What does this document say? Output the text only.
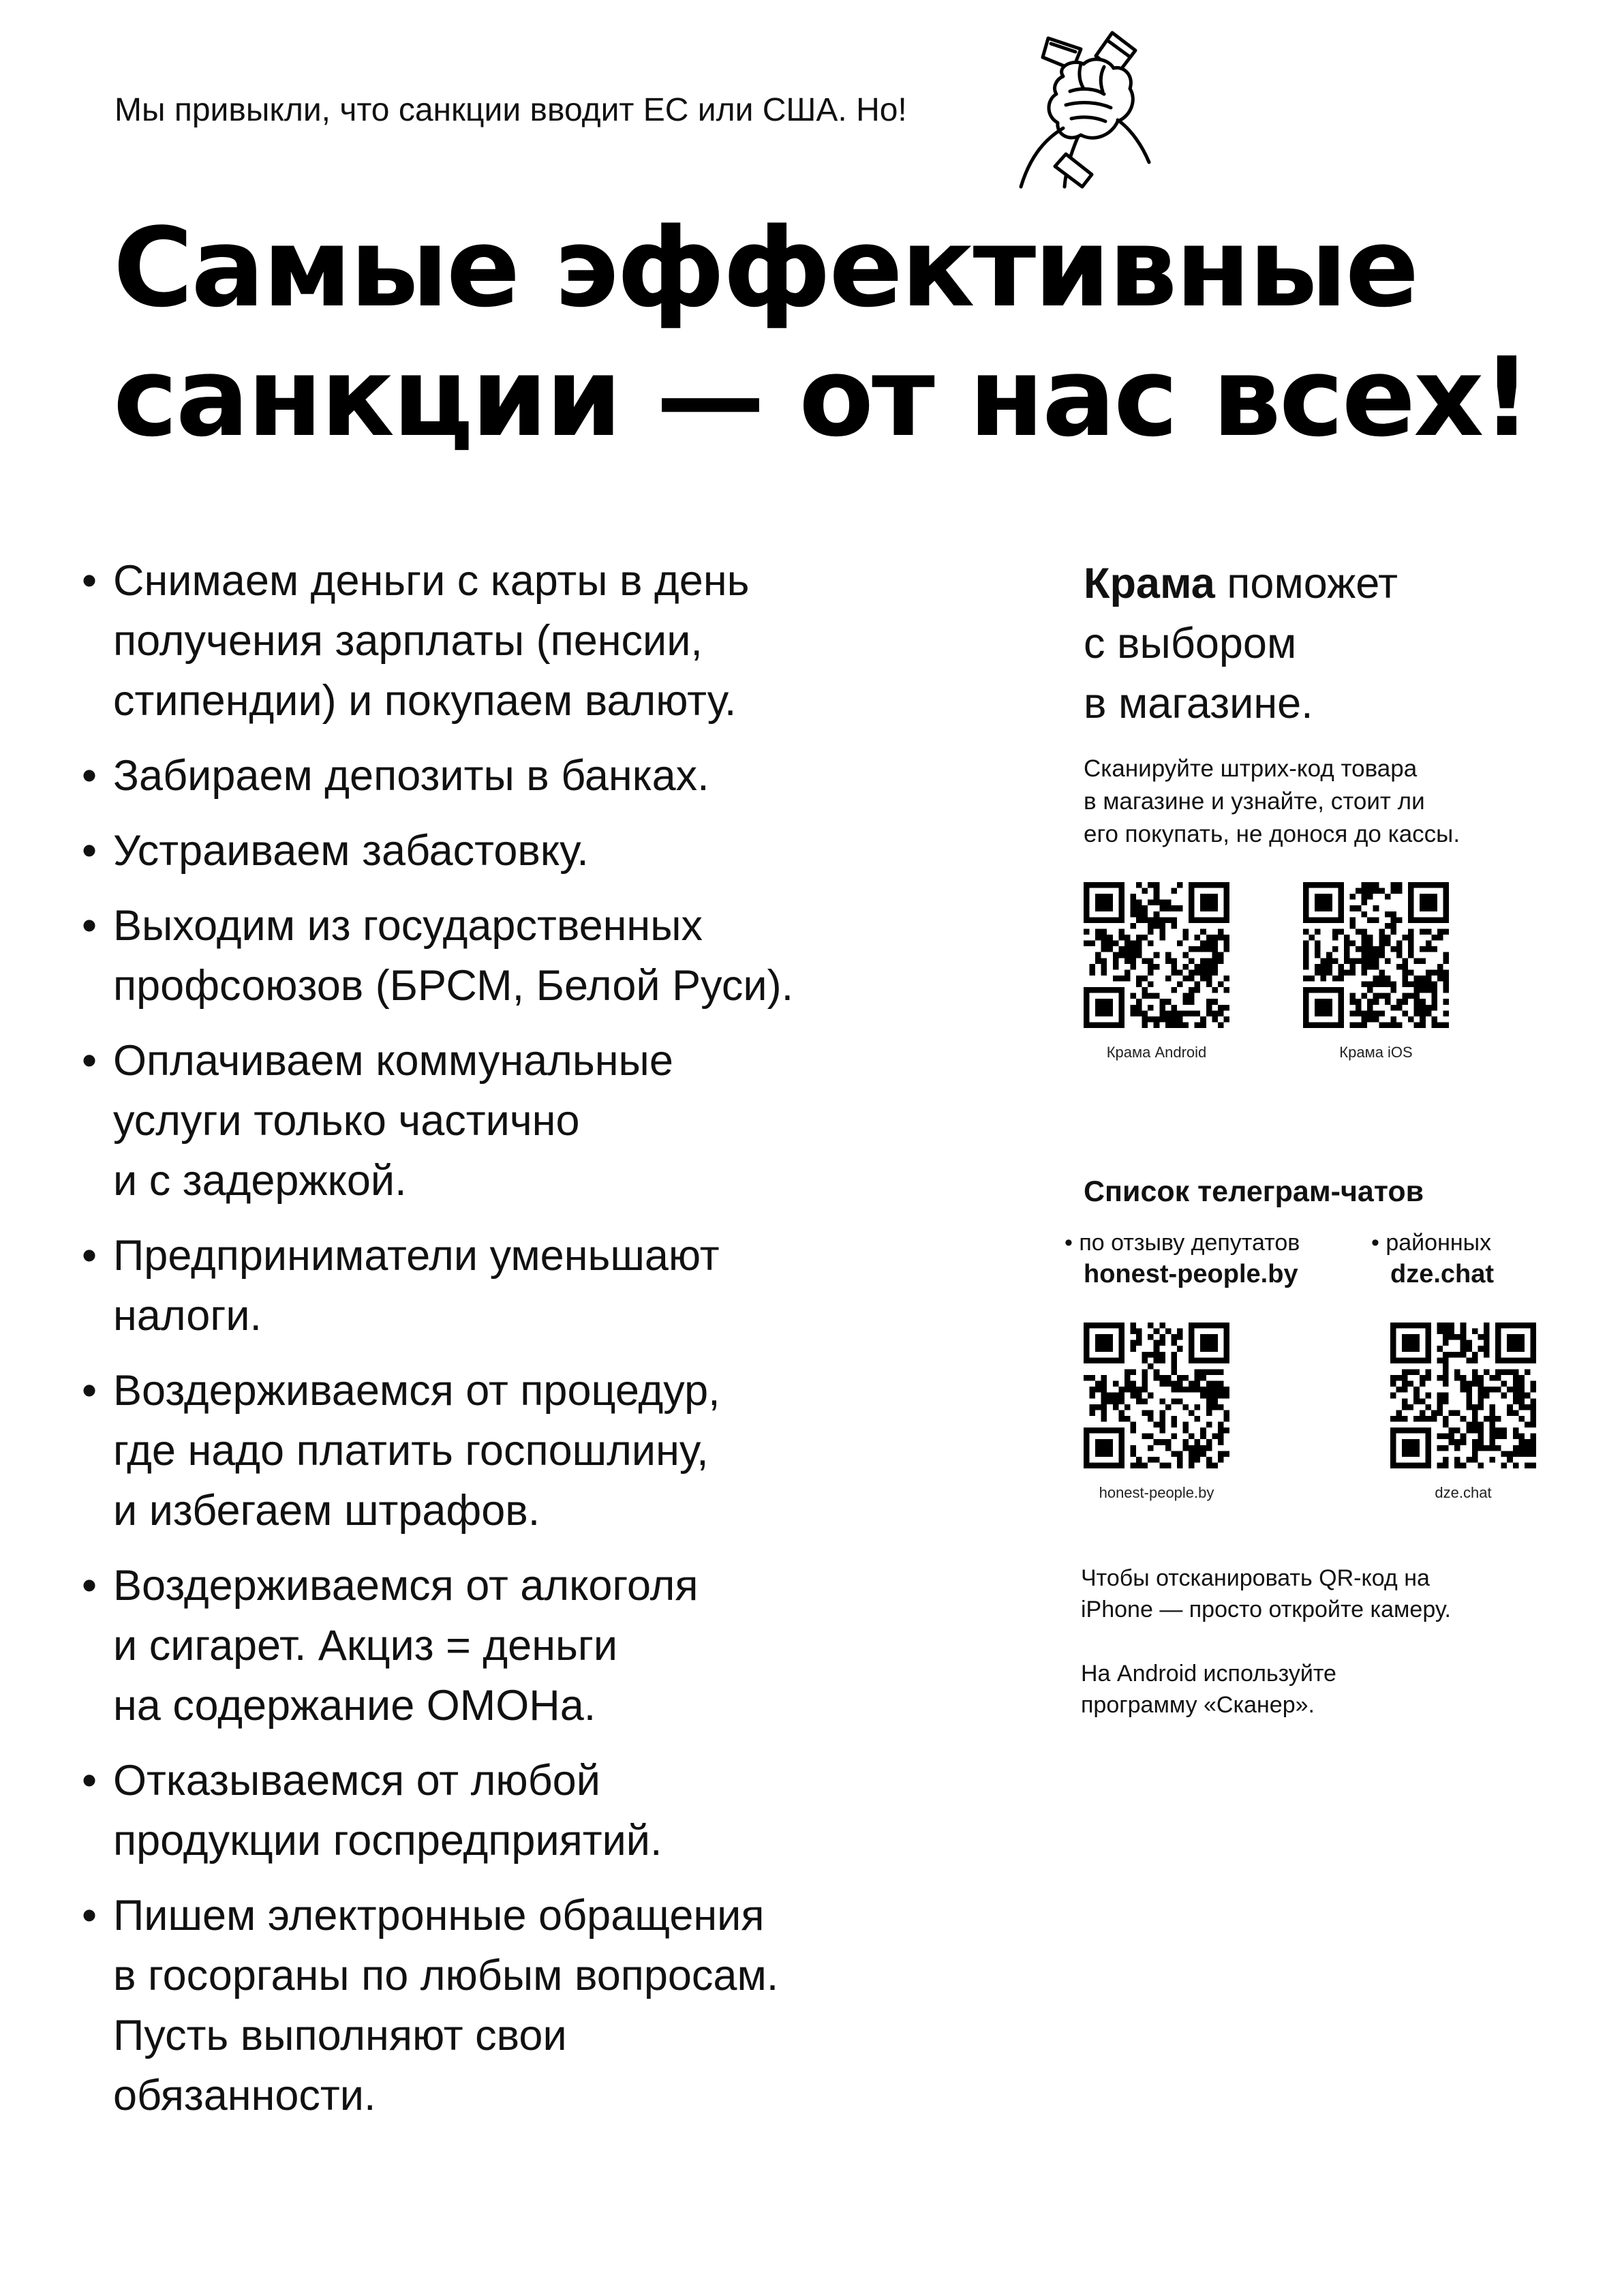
Мы привыкли, что санкции вводит ЕС или США. Но!
Самые эффективные
санкции — от нас всех!
• Снимаем деньги с карты в день
получения зарплаты (пенсии,
стипендии) и покупаем валюту.
• Забираем депозиты в банках.
• Устраиваем забастовку.
• Выходим из государственных
профсоюзов (БРСМ, Белой Руси).
• Оплачиваем коммунальные
услуги только частично
и с задержкой.
• Предприниматели уменьшают
налоги.
• Воздерживаемся от процедур,
где надо платить госпошлину,
и избегаем штрафов.
• Воздерживаемся от алкоголя
и сигарет. Акциз = деньги
на содержание ОМОНа.
• Отказываемся от любой
продукции госпредприятий.
• Пишем электронные обращения
в госорганы по любым вопросам.
Пусть выполняют свои
обязанности.

Крама поможет
с выбором
в магазине.

Сканируйте штрих-код товара
в магазине и узнайте, стоит ли
его покупать, не донося до кассы.
Крама Android	Крама iOS
Список телеграм-чатов
• по отзыву депутатов
honest-people.by
• районных
dze.chat
honest-people.by	dze.chat
Чтобы отсканировать QR-код на
iPhone — просто откройте камеру.
На Android используйте
программу «Сканер».
